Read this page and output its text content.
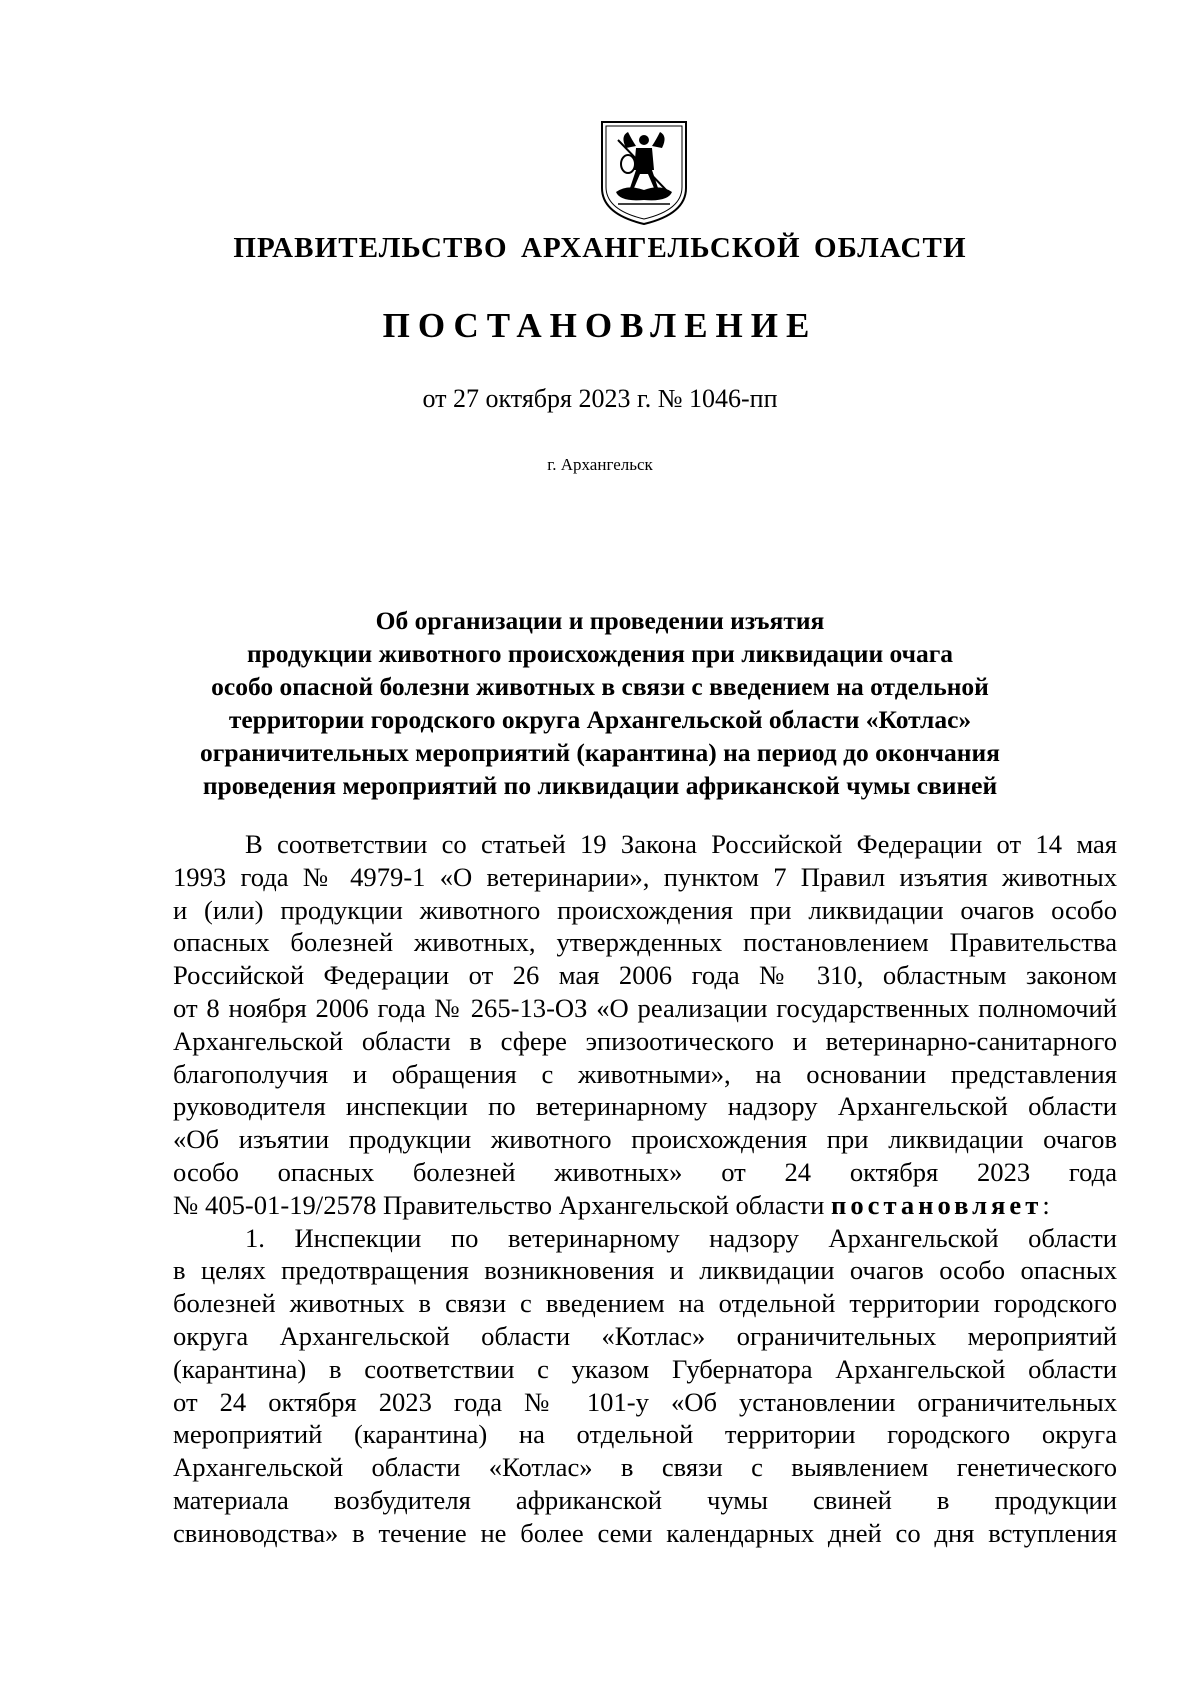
ПРАВИТЕЛЬСТВО АРХАНГЕЛЬСКОЙ ОБЛАСТИ
ПОСТАНОВЛЕНИЕ
от 27 октября 2023 г. № 1046-пп
г. Архангельск
Об организации и проведении изъятия
продукции животного происхождения при ликвидации очага
особо опасной болезни животных в связи с введением на отдельной
территории городского округа Архангельской области «Котлас»
ограничительных мероприятий (карантина) на период до окончания
проведения мероприятий по ликвидации африканской чумы свиней
В соответствии со статьей 19 Закона Российской Федерации от 14 мая
1993 года № 4979-1 «О ветеринарии», пунктом 7 Правил изъятия животных
и (или) продукции животного происхождения при ликвидации очагов особо
опасных болезней животных, утвержденных постановлением Правительства
Российской Федерации от 26 мая 2006 года № 310, областным законом
от 8 ноября 2006 года № 265-13-ОЗ «О реализации государственных полномочий
Архангельской области в сфере эпизоотического и ветеринарно-санитарного
благополучия и обращения с животными», на основании представления
руководителя инспекции по ветеринарному надзору Архангельской области
«Об изъятии продукции животного происхождения при ликвидации очагов
особо опасных болезней животных» от 24 октября 2023 года
№ 405-01-19/2578 Правительство Архангельской области постановляет:
1. Инспекции по ветеринарному надзору Архангельской области
в целях предотвращения возникновения и ликвидации очагов особо опасных
болезней животных в связи с введением на отдельной территории городского
округа Архангельской области «Котлас» ограничительных мероприятий
(карантина) в соответствии с указом Губернатора Архангельской области
от 24 октября 2023 года № 101-у «Об установлении ограничительных
мероприятий (карантина) на отдельной территории городского округа
Архангельской области «Котлас» в связи с выявлением генетического
материала возбудителя африканской чумы свиней в продукции
свиноводства» в течение не более семи календарных дней со дня вступления
